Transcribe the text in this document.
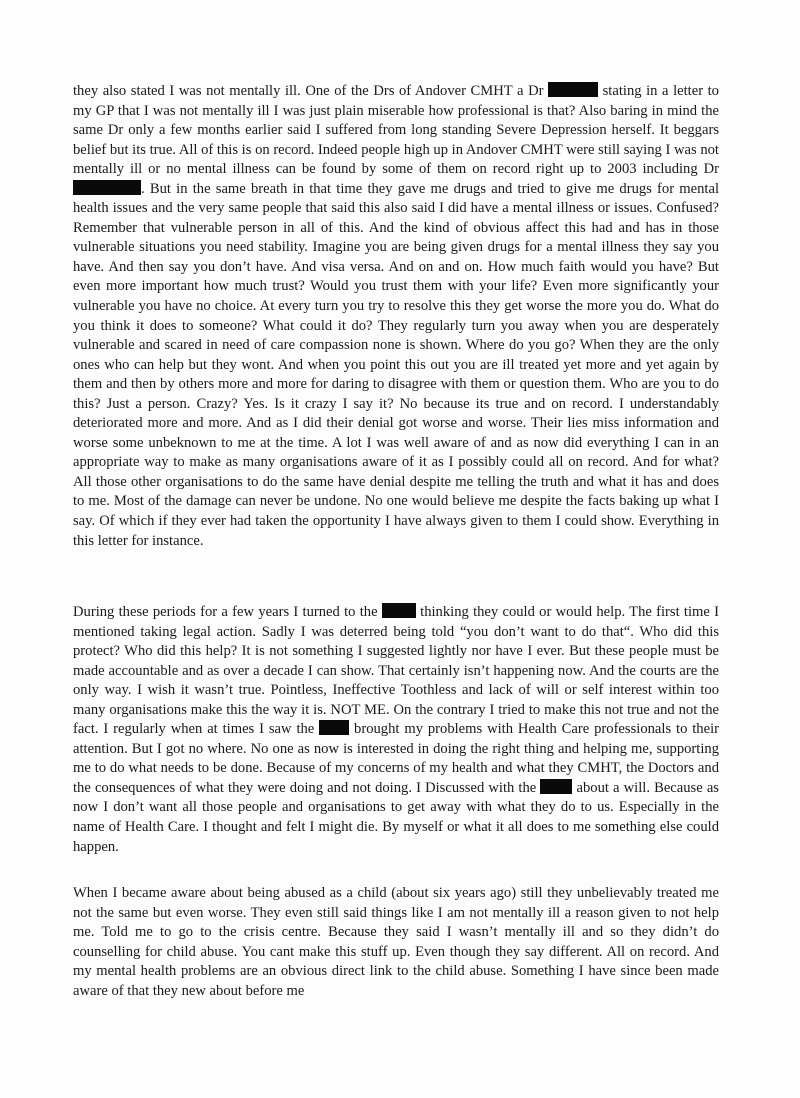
they also stated I was not mentally ill. One of the Drs of Andover CMHT a Dr	stating in a letter to my GP that I was not mentally ill I was just plain miserable how professional is that? Also baring in mind the same Dr only a few months earlier said I suffered from long standing Severe Depression herself. It beggars belief but its true. All of this is on record. Indeed people high up in Andover CMHT were still saying I was not mentally ill or no mental illness can be found by some of them on record right up to 2003 including Dr . But in the same breath in that time they gave me drugs and tried to give me drugs for mental health issues and the very same people that said this also said I did have a mental illness or issues. Confused? Remember that vulnerable person in all of this. And the kind of obvious affect this had and has in those vulnerable situations you need stability. Imagine you are being given drugs for a mental illness they say you have. And then say you don’t have. And visa versa. And on and on. How much faith would you have? But even more important how much trust? Would you trust them with your life? Even more significantly your vulnerable you have no choice. At every turn you try to resolve this they get worse the more you do. What do you think it does to someone? What could it do? They regularly turn you away when you are desperately vulnerable and scared in need of care compassion none is shown. Where do you go? When they are the only ones who can help but they wont. And when you point this out you are ill treated yet more and yet again by them and then by others more and more for daring to disagree with them or question them. Who are you to do this? Just a person. Crazy? Yes. Is it crazy I say it? No because its true and on record. I understandably deteriorated more and more. And as I did their denial got worse and worse. Their lies miss information and worse some unbeknown to me at the time. A lot I was well aware of and as now did everything I can in an appropriate way to make as many organisations aware of it as I possibly could all on record. And for what? All those other organisations to do the same have denial despite me telling the truth and what it has and does to me. Most of the damage can never be undone. No one would believe me despite the facts baking up what I say. Of which if they ever had taken the opportunity I have always given to them I could show. Everything in this letter for instance.
During these periods for a few years I turned to the  thinking they could or would help. The first time I mentioned taking legal action. Sadly I was deterred being told “you don’t want to do that“. Who did this protect? Who did this help? It is not something I suggested lightly nor have I ever. But these people must be made accountable and as over a decade I can show. That certainly isn’t happening now. And the courts are the only way. I wish it wasn’t true. Pointless, Ineffective Toothless and lack of will or self interest within too many organisations make this the way it is. NOT ME. On the contrary I tried to make this not true and not the fact. I regularly when at times I saw the  brought my problems with Health Care professionals to their attention. But I got no where. No one as now is interested in doing the right thing and helping me, supporting me to do what needs to be done. Because of my concerns of my health and what they CMHT, the Doctors and the consequences of what they were doing and not doing. I Discussed with the  about a will. Because as now I don’t want all those people and organisations to get away with what they do to us. Especially in the name of Health Care. I thought and felt I might die. By myself or what it all does to me something else could happen.
When I became aware about being abused as a child (about six years ago) still they unbelievably treated me not the same but even worse. They even still said things like I am not mentally ill a reason given to not help me. Told me to go to the crisis centre. Because they said I wasn’t mentally ill and so they didn’t do counselling for child abuse. You cant make this stuff up. Even though they say different. All on record. And my mental health problems are an obvious direct link to the child abuse. Something I have since been made aware of that they new about before me
